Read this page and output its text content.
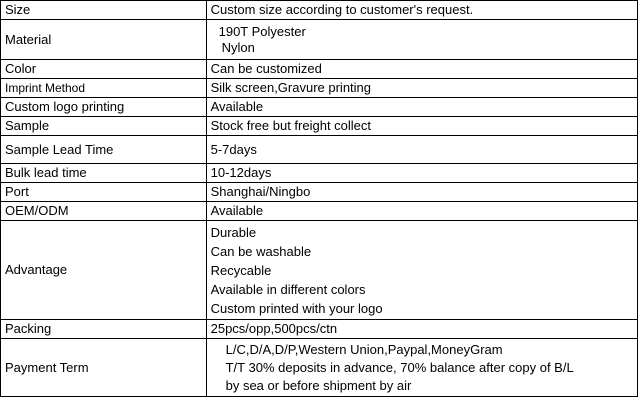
Size	Custom size according to customer's request.
Material	190T Polyester
Nylon

Color	Can be customized
Imprint Method	Silk screen,Gravure printing
Custom logo printing	Available
Sample	Stock free but freight collect
Sample Lead Time	5-7days
Bulk lead time	10-12days
Port	Shanghai/Ningbo
OEM/ODM	Available
Advantage	Durable
Can be washable
Recycable
Available in different colors
Custom printed with your logo

Packing	25pcs/opp,500pcs/ctn
Payment Term	L/C,D/A,D/P,Western Union,Paypal,MoneyGram
T/T 30% deposits in advance, 70% balance after copy of B/L
by sea or before shipment by air
